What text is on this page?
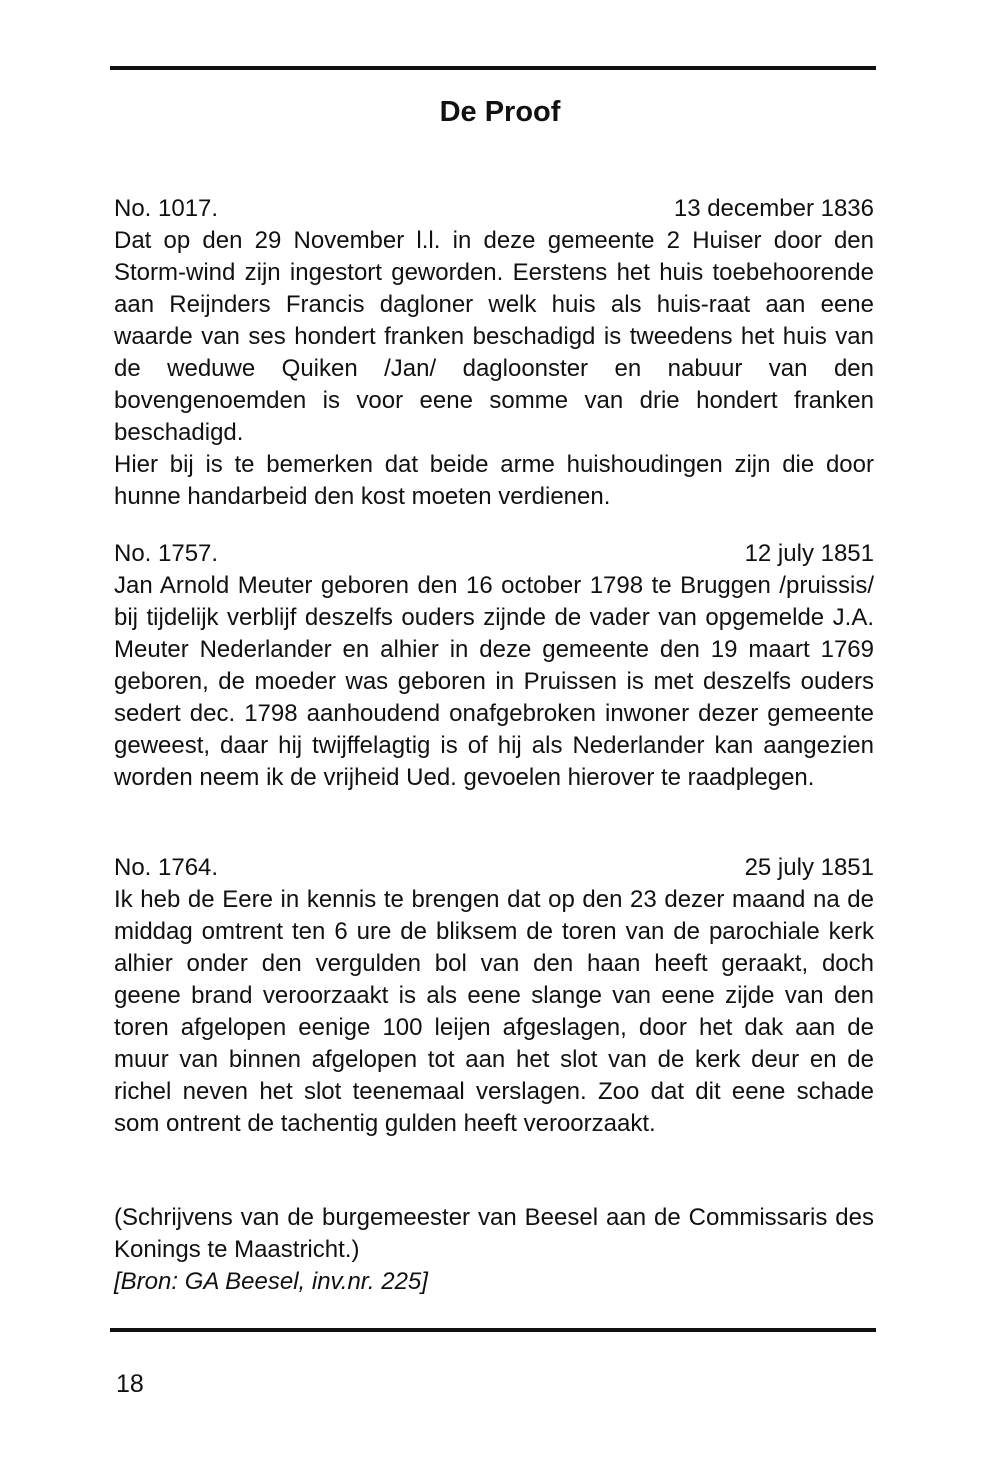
De Proof
No. 1017.	13 december 1836

Dat op den 29 November l.l. in deze gemeente 2 Huiser door den Storm-wind zijn ingestort geworden. Eerstens het huis toebehoorende aan Reijnders Francis dagloner welk huis als huis-raat aan eene waarde van ses hondert franken beschadigd is tweedens het huis van de weduwe Quiken /Jan/ dagloonster en nabuur van den bovengenoemden is voor eene somme van drie hondert franken beschadigd.

Hier bij is te bemerken dat beide arme huishoudingen zijn die door hunne handarbeid den kost moeten verdienen.

No. 1757.	12 july 1851

Jan Arnold Meuter geboren den 16 october 1798 te Bruggen /pruissis/ bij tijdelijk verblijf deszelfs ouders zijnde de vader van opgemelde J.A. Meuter Nederlander en alhier in deze gemeente den 19 maart 1769 geboren, de moeder was geboren in Pruissen is met deszelfs ouders sedert dec. 1798 aanhoudend onafgebroken inwoner dezer gemeente geweest, daar hij twijffelagtig is of hij als Nederlander kan aangezien worden neem ik de vrijheid Ued. gevoelen hierover te raadplegen.

No. 1764.	25 july 1851

Ik heb de Eere in kennis te brengen dat op den 23 dezer maand na de middag omtrent ten 6 ure de bliksem de toren van de parochiale kerk alhier onder den vergulden bol van den haan heeft geraakt, doch geene brand veroorzaakt is als eene slange van eene zijde van den toren afgelopen eenige 100 leijen afgeslagen, door het dak aan de muur van binnen afgelopen tot aan het slot van de kerk deur en de richel neven het slot teenemaal verslagen. Zoo dat dit eene schade som ontrent de tachentig gulden heeft veroorzaakt.

(Schrijvens van de burgemeester van Beesel aan de Commissaris des Konings te Maastricht.)

[Bron: GA Beesel, inv.nr. 225]

18
